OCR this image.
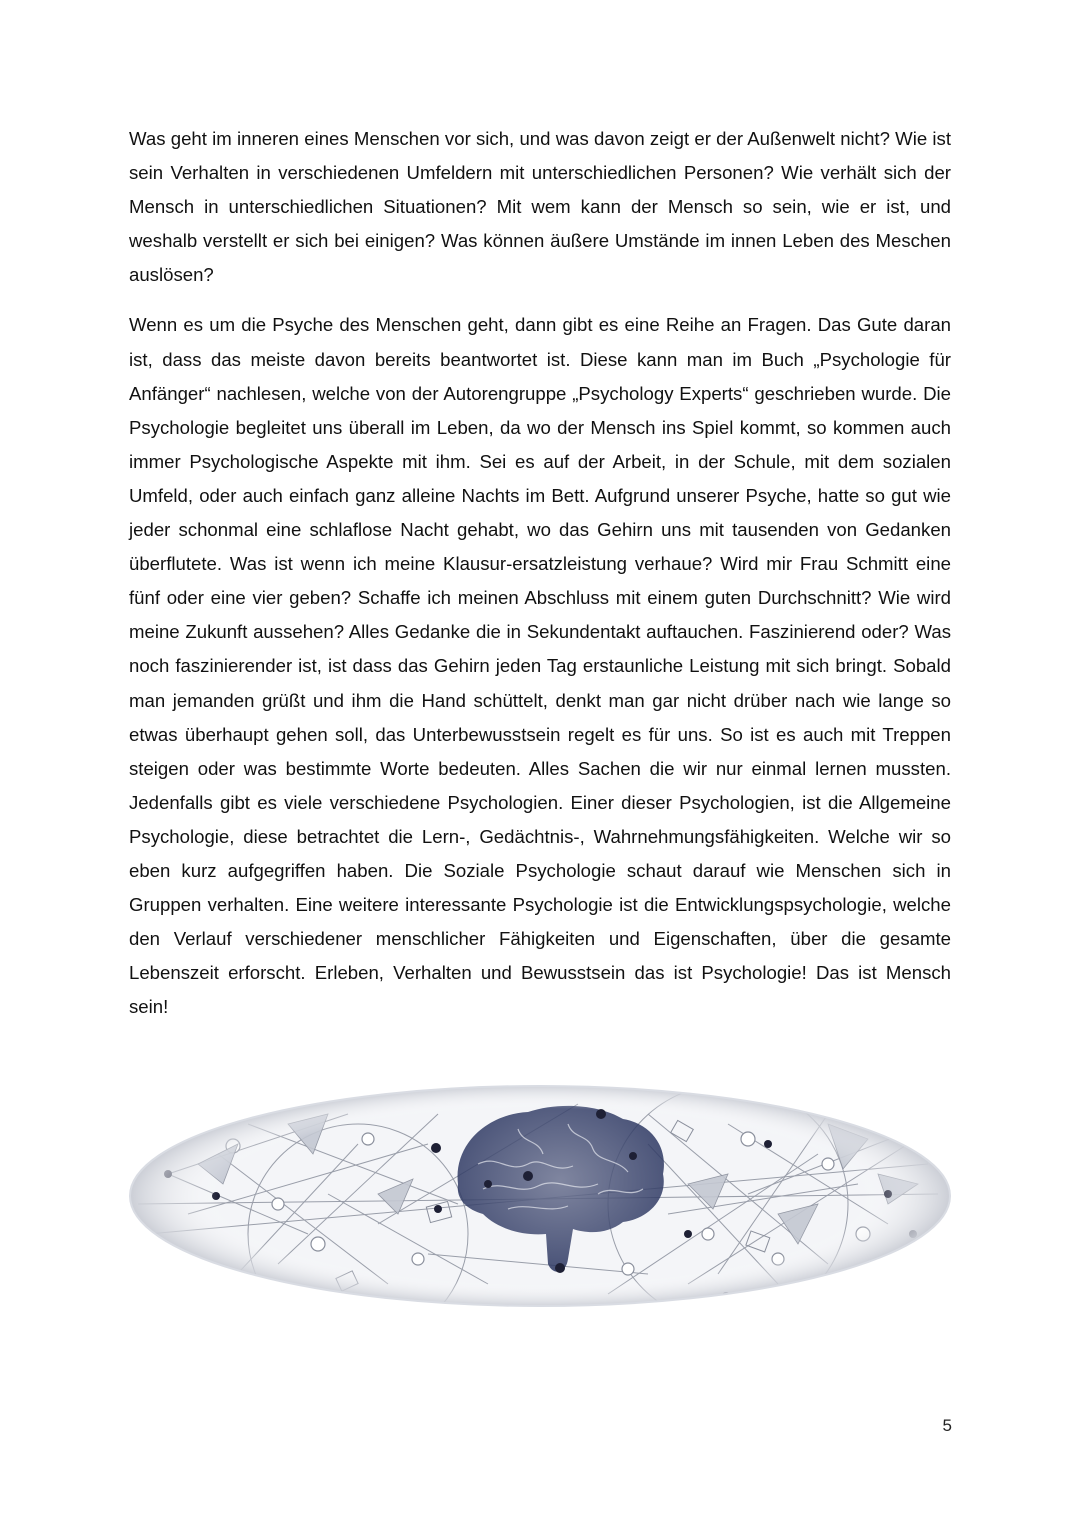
Was geht im inneren eines Menschen vor sich, und was davon zeigt er der Außenwelt nicht? Wie ist sein Verhalten in verschiedenen Umfeldern mit unterschiedlichen Personen? Wie verhält sich der Mensch in unterschiedlichen Situationen? Mit wem kann der Mensch so sein, wie er ist, und weshalb verstellt er sich bei einigen? Was können äußere Umstände im innen Leben des Meschen auslösen?

Wenn es um die Psyche des Menschen geht, dann gibt es eine Reihe an Fragen. Das Gute daran ist, dass das meiste davon bereits beantwortet ist. Diese kann man im Buch „Psychologie für Anfänger“ nachlesen, welche von der Autorengruppe „Psychology Experts“ geschrieben wurde. Die Psychologie begleitet uns überall im Leben, da wo der Mensch ins Spiel kommt, so kommen auch immer Psychologische Aspekte mit ihm. Sei es auf der Arbeit, in der Schule, mit dem sozialen Umfeld, oder auch einfach ganz alleine Nachts im Bett. Aufgrund unserer Psyche, hatte so gut wie jeder schonmal eine schlaflose Nacht gehabt, wo das Gehirn uns mit tausenden von Gedanken überflutete. Was ist wenn ich meine Klausur-ersatzleistung verhaue? Wird mir Frau Schmitt eine fünf oder eine vier geben? Schaffe ich meinen Abschluss mit einem guten Durchschnitt? Wie wird meine Zukunft aussehen? Alles Gedanke die in Sekundentakt auftauchen. Faszinierend oder? Was noch faszinierender ist, ist dass das Gehirn jeden Tag erstaunliche Leistung mit sich bringt. Sobald man jemanden grüßt und ihm die Hand schüttelt, denkt man gar nicht drüber nach wie lange so etwas überhaupt gehen soll, das Unterbewusstsein regelt es für uns. So ist es auch mit Treppen steigen oder was bestimmte Worte bedeuten. Alles Sachen die wir nur einmal lernen mussten. Jedenfalls gibt es viele verschiedene Psychologien. Einer dieser Psychologien, ist die Allgemeine Psychologie, diese betrachtet die Lern-, Gedächtnis-, Wahrnehmungsfähigkeiten. Welche wir so eben kurz aufgegriffen haben. Die Soziale Psychologie schaut darauf wie Menschen sich in Gruppen verhalten. Eine weitere interessante Psychologie ist die Entwicklungspsychologie, welche den Verlauf verschiedener menschlicher Fähigkeiten und Eigenschaften, über die gesamte Lebenszeit erforscht. Erleben, Verhalten und Bewusstsein das ist Psychologie! Das ist Mensch sein!

5
